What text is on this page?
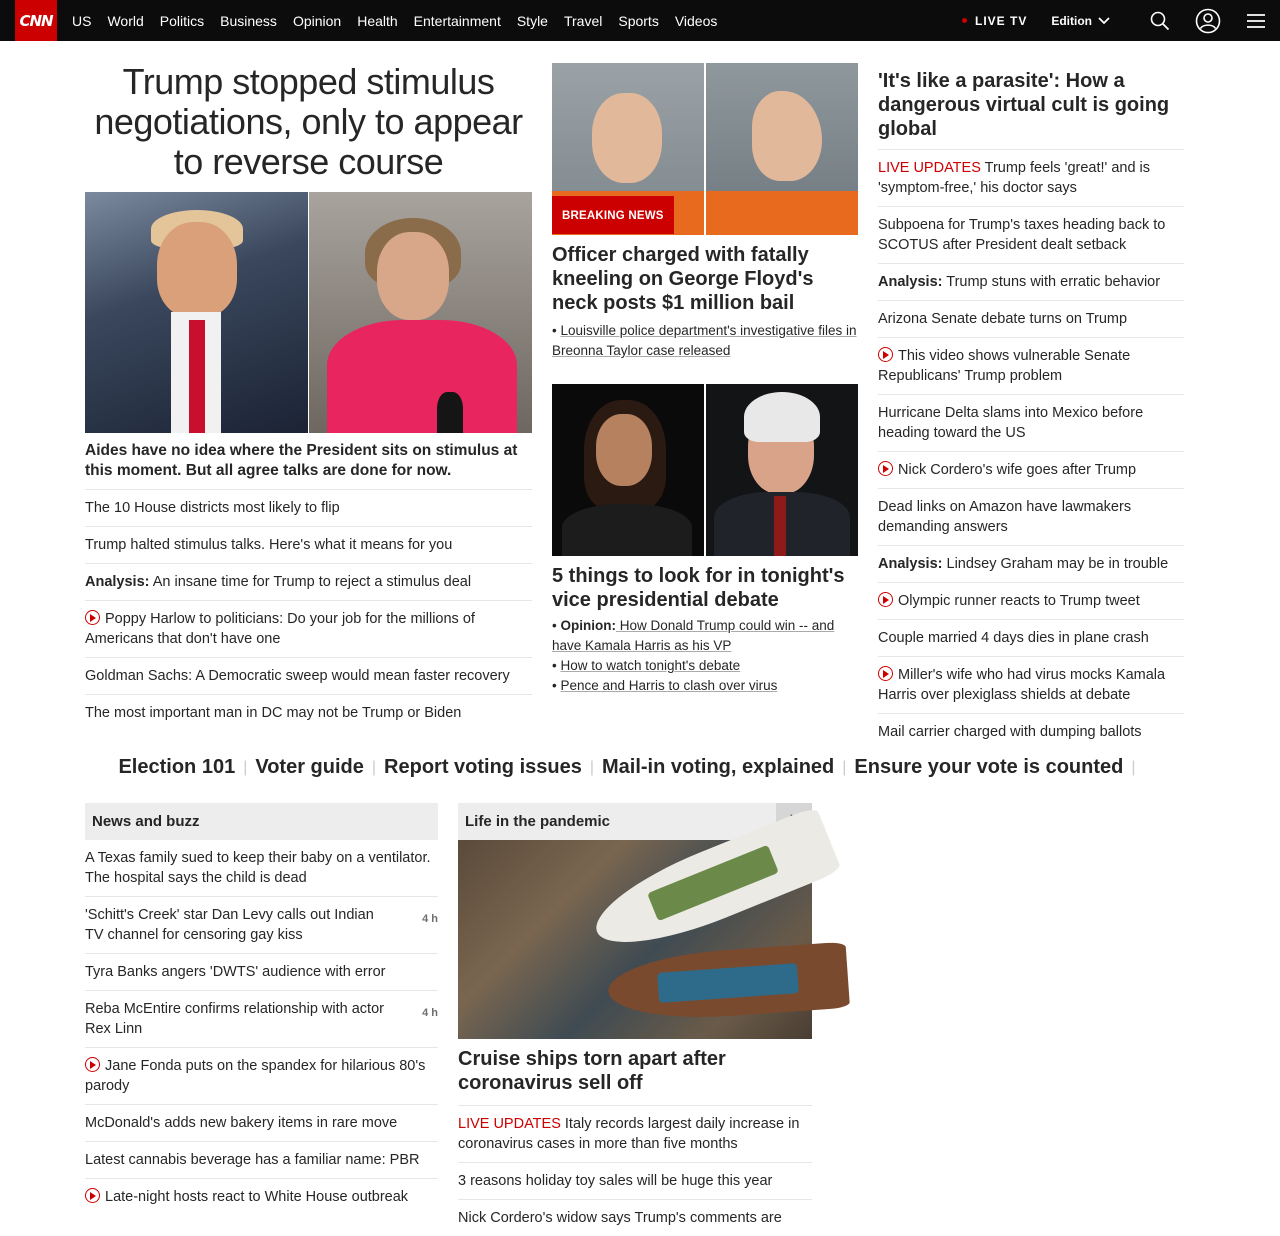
CNN	US World Politics Business Opinion Health Entertainment Style Travel Sports Videos	LIVE TV Edition
Trump stopped stimulus negotiations, only to appear to reverse course
Aides have no idea where the President sits on stimulus at this moment. But all agree talks are done for now.
The 10 House districts most likely to flip
Trump halted stimulus talks. Here's what it means for you
Analysis: An insane time for Trump to reject a stimulus deal
Poppy Harlow to politicians: Do your job for the millions of Americans that don't have one
Goldman Sachs: A Democratic sweep would mean faster recovery
The most important man in DC may not be Trump or Biden
BREAKING NEWS
Officer charged with fatally kneeling on George Floyd's neck posts $1 million bail
• Louisville police department's investigative files in Breonna Taylor case released
5 things to look for in tonight's vice presidential debate
• Opinion: How Donald Trump could win -- and have Kamala Harris as his VP
• How to watch tonight's debate
• Pence and Harris to clash over virus
'It's like a parasite': How a dangerous virtual cult is going global
LIVE UPDATES Trump feels 'great!' and is 'symptom-free,' his doctor says
Subpoena for Trump's taxes heading back to SCOTUS after President dealt setback
Analysis: Trump stuns with erratic behavior
Arizona Senate debate turns on Trump
This video shows vulnerable Senate Republicans' Trump problem
Hurricane Delta slams into Mexico before heading toward the US
Nick Cordero's wife goes after Trump
Dead links on Amazon have lawmakers demanding answers
Analysis: Lindsey Graham may be in trouble
Olympic runner reacts to Trump tweet
Couple married 4 days dies in plane crash
Miller's wife who had virus mocks Kamala Harris over plexiglass shields at debate
Mail carrier charged with dumping ballots
Election 101 | Voter guide | Report voting issues | Mail-in voting, explained | Ensure your vote is counted |
News and buzz
A Texas family sued to keep their baby on a ventilator. The hospital says the child is dead
'Schitt's Creek' star Dan Levy calls out Indian TV channel for censoring gay kiss
4 h
Tyra Banks angers 'DWTS' audience with error
Reba McEntire confirms relationship with actor Rex Linn
4 h
Jane Fonda puts on the spandex for hilarious 80's parody
McDonald's adds new bakery items in rare move
Latest cannabis beverage has a familiar name: PBR
Late-night hosts react to White House outbreak
Life in the pandemic
Cruise ships torn apart after coronavirus sell off
LIVE UPDATES Italy records largest daily increase in coronavirus cases in more than five months
3 reasons holiday toy sales will be huge this year
Nick Cordero's widow says Trump's comments are
